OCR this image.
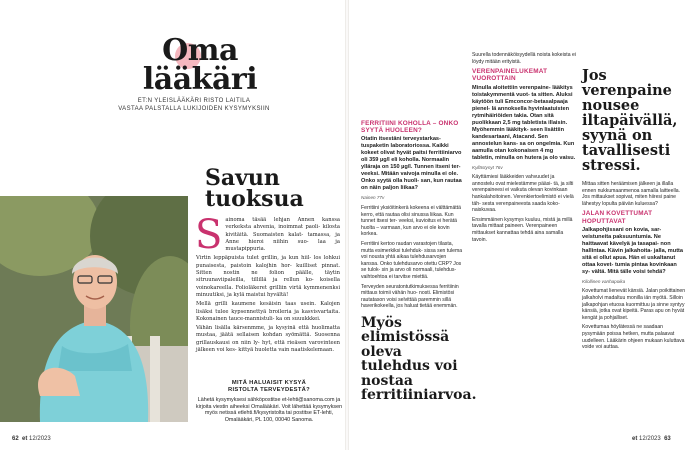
Oma
lääkäri
ET:N YLEISLÄÄKÄRI RISTO LAITILA
VASTAA PALSTALLA LUKIJOIDEN KYSYMYKSIIN
Savun
tuoksua

Sainoma täsää lehjan Annen kanssa verkeksta ahvenia, inoimmat paoli- kilosta kivitäitä. Suomaisten kalat- tamassa, ja Anne hieroi niihin suo- laa ja mustapippuria.

Virtin leppäpuista tulet grillin, ja kun hiil- los lohkui punaisesta, paistoin kalojhin hor- kuilliset pinnat. Sitten nostin ne folion päälle, täytin sitruunaviipaleilla, tillillä ja rellun ko- koisella voinokareella. Folioläkeret grilliin virtä kymmenenksi minuutiksi, ja kylä maistui hyvältä!

Mellä grilli kaumene kesäisin taas usein. Kalojen lisäksi tulee kypsennettyä broileria ja kasvisvartaita. Kokonainen tauce-mannistuli- ka on suuukkkei.

Vähän lisälla kärsenmme, ja kysyinä että huolimatta mustaa, jäätä sellaisen kohdan syömättä. Suosenna grillauskausi on niin ly- hyt, että rieäsen varovinteen jälkeen voi kes- kittyä huoletta vain naatiskelemaan.

MITÄ HALUAISIT KYSYÄ
RISTOLTA TERVEYDESTÄ?
Lähetä kysymyksesi sähköpostitse et-lehti@sanoma.com ja kirjoita viestin aiheeksi Omalääkäri. Voit lähettää kysymyksen myös netissä etlehti.fi/kysyristolta tai postitse ET-lehti, Omalääkäri, PL 100, 00040 Sanoma.
FERRITIINI KOHOLLA – ONKO SYYTÄ HUOLEEN?
Otatin itsestäni terveystarkas- tuspaketin laboratoriossa. Kaikki kokeet olivat hyvät paitsi ferritiiniarvo oli 359 µg/l eli koholla. Normaalin ylläraja on 150 µg/l. Tunnen itseni ter- veeksi. Mitään vaivoja minulla ei ole. Onko syytä olla huoli- san, kun rautaa on näin paljon liikaa?

Nainen 77v

Ferritiini yksiöitinkerä kokeena ei välttämättä kerro, että rautaa olisi sinussa liikaa. Kun tunnet itsesi ter- veeksi, kuvioitus ei herätä huolta – varmaan, kun arvo ei ole kovin korkea.

Ferritiini kertoo raudan varastojen tilasta, mutta esimerkiksi tulehduk- sissa sen tulema voi nousta yhtä aikaa tulehdusarvojen kanssa. Onko tulehdusarvo otettu CRP? Jos se tulok- sin ja arvo oli normaali, tulehdus- vaihtoehtoa ei tarvitse miettiä.

Terveyden seuratontutkimuksessa ferritiinin mittaus toimii vähän huo- nosti. Elimistösi rautatason voisi selvittää paremmin sillä haverikokeella, jos haluat tietää enemmän.

Myös elimistössä oleva tulehdus voi nostaa ferritiiniarvoa.

Suurella todennäköisyydellä noista kokeista ei löydy mitään erityistä.

VERENPAINELUKEMAT VUOROTTAIN
Minulla aloitettiin verenpaine- lääkitys toistakymmentä vuot- ta sitten. Aluksi käytöön tuli Emconcor-betasalpaaja pienel- lä annoksella hyvinlaatuisten rytmihäiriöiden takia. Otan sitä puolikkaan 2,5 mg tabletista illaisin. Myöhemmin lääkityk- seen lisättiin kandesartaani, Atacand. Sen annostelun kans- sa on ongelmia. Kun aamulla otan kokonaisen 4 mg tabletin, minulla on hutera ja olo vaisu.

Kyllästynyt 76v

Käyttämiesi lääkkeiden vahvuudet ja annostelu ovat mielestämme pääsi- tä, ja silti verenpaineesi ei vaikuta olevan kovinkaan hankalahoitoinen. Verenkiertoelimistö ei vielä täh- sesta verenpaineesta saada koko- naiskuvaa.

Ensimmäinen kysymys kuuluu, mistä ja millä tavalla mittaat paineen. Verenpaineen mittaukset kannattaa tehdä aina samalla tavoin.

Jos verenpaine nousee iltapäivällä, syynä on tavallisesti stressi.

Mittaa sitten heräämisen jälkeen ja illalla ennen nukkumaanmenoa samalla laitteella. Jos mittaukset sopivat, miten hiiresi paine lähestyy lopulta päivän kuluessa?

JALAN KOVETTUMAT HOPUTTAVAT
Jalkapohjissani on kovia, sar- veistuneita paksuuntumia. Ne haittaavat kävelyä ja tasapai- non hallintaa. Kävin jalkahoita- jalla, mutta sitä ei ollut apua. Hän ei uskaltanut ottaa kovet- tumia pintaa kovinkaan sy- vältä. Mitä tälle voisi tehdä?

Kilollinen vanhapoika

Kovettumat lienevät känsiä. Jalan poikittainen jalkaholvi madaltuu monilla iän myötä. Silloin jalkapohjan etuosa kuormittuu ja sinne syntyy känsiä, jotka ovat kipeitä. Paras apu on hyvät kengät ja pohjalliset.

Kovettumaa höylätessä ne saadaan pysymään poissa hetken, mutta palaavat uudelleen. Lääkärin ohjeen mukaan kuluttava voide voi auttaa.

62 et 12/2023	et 12/2023 63
